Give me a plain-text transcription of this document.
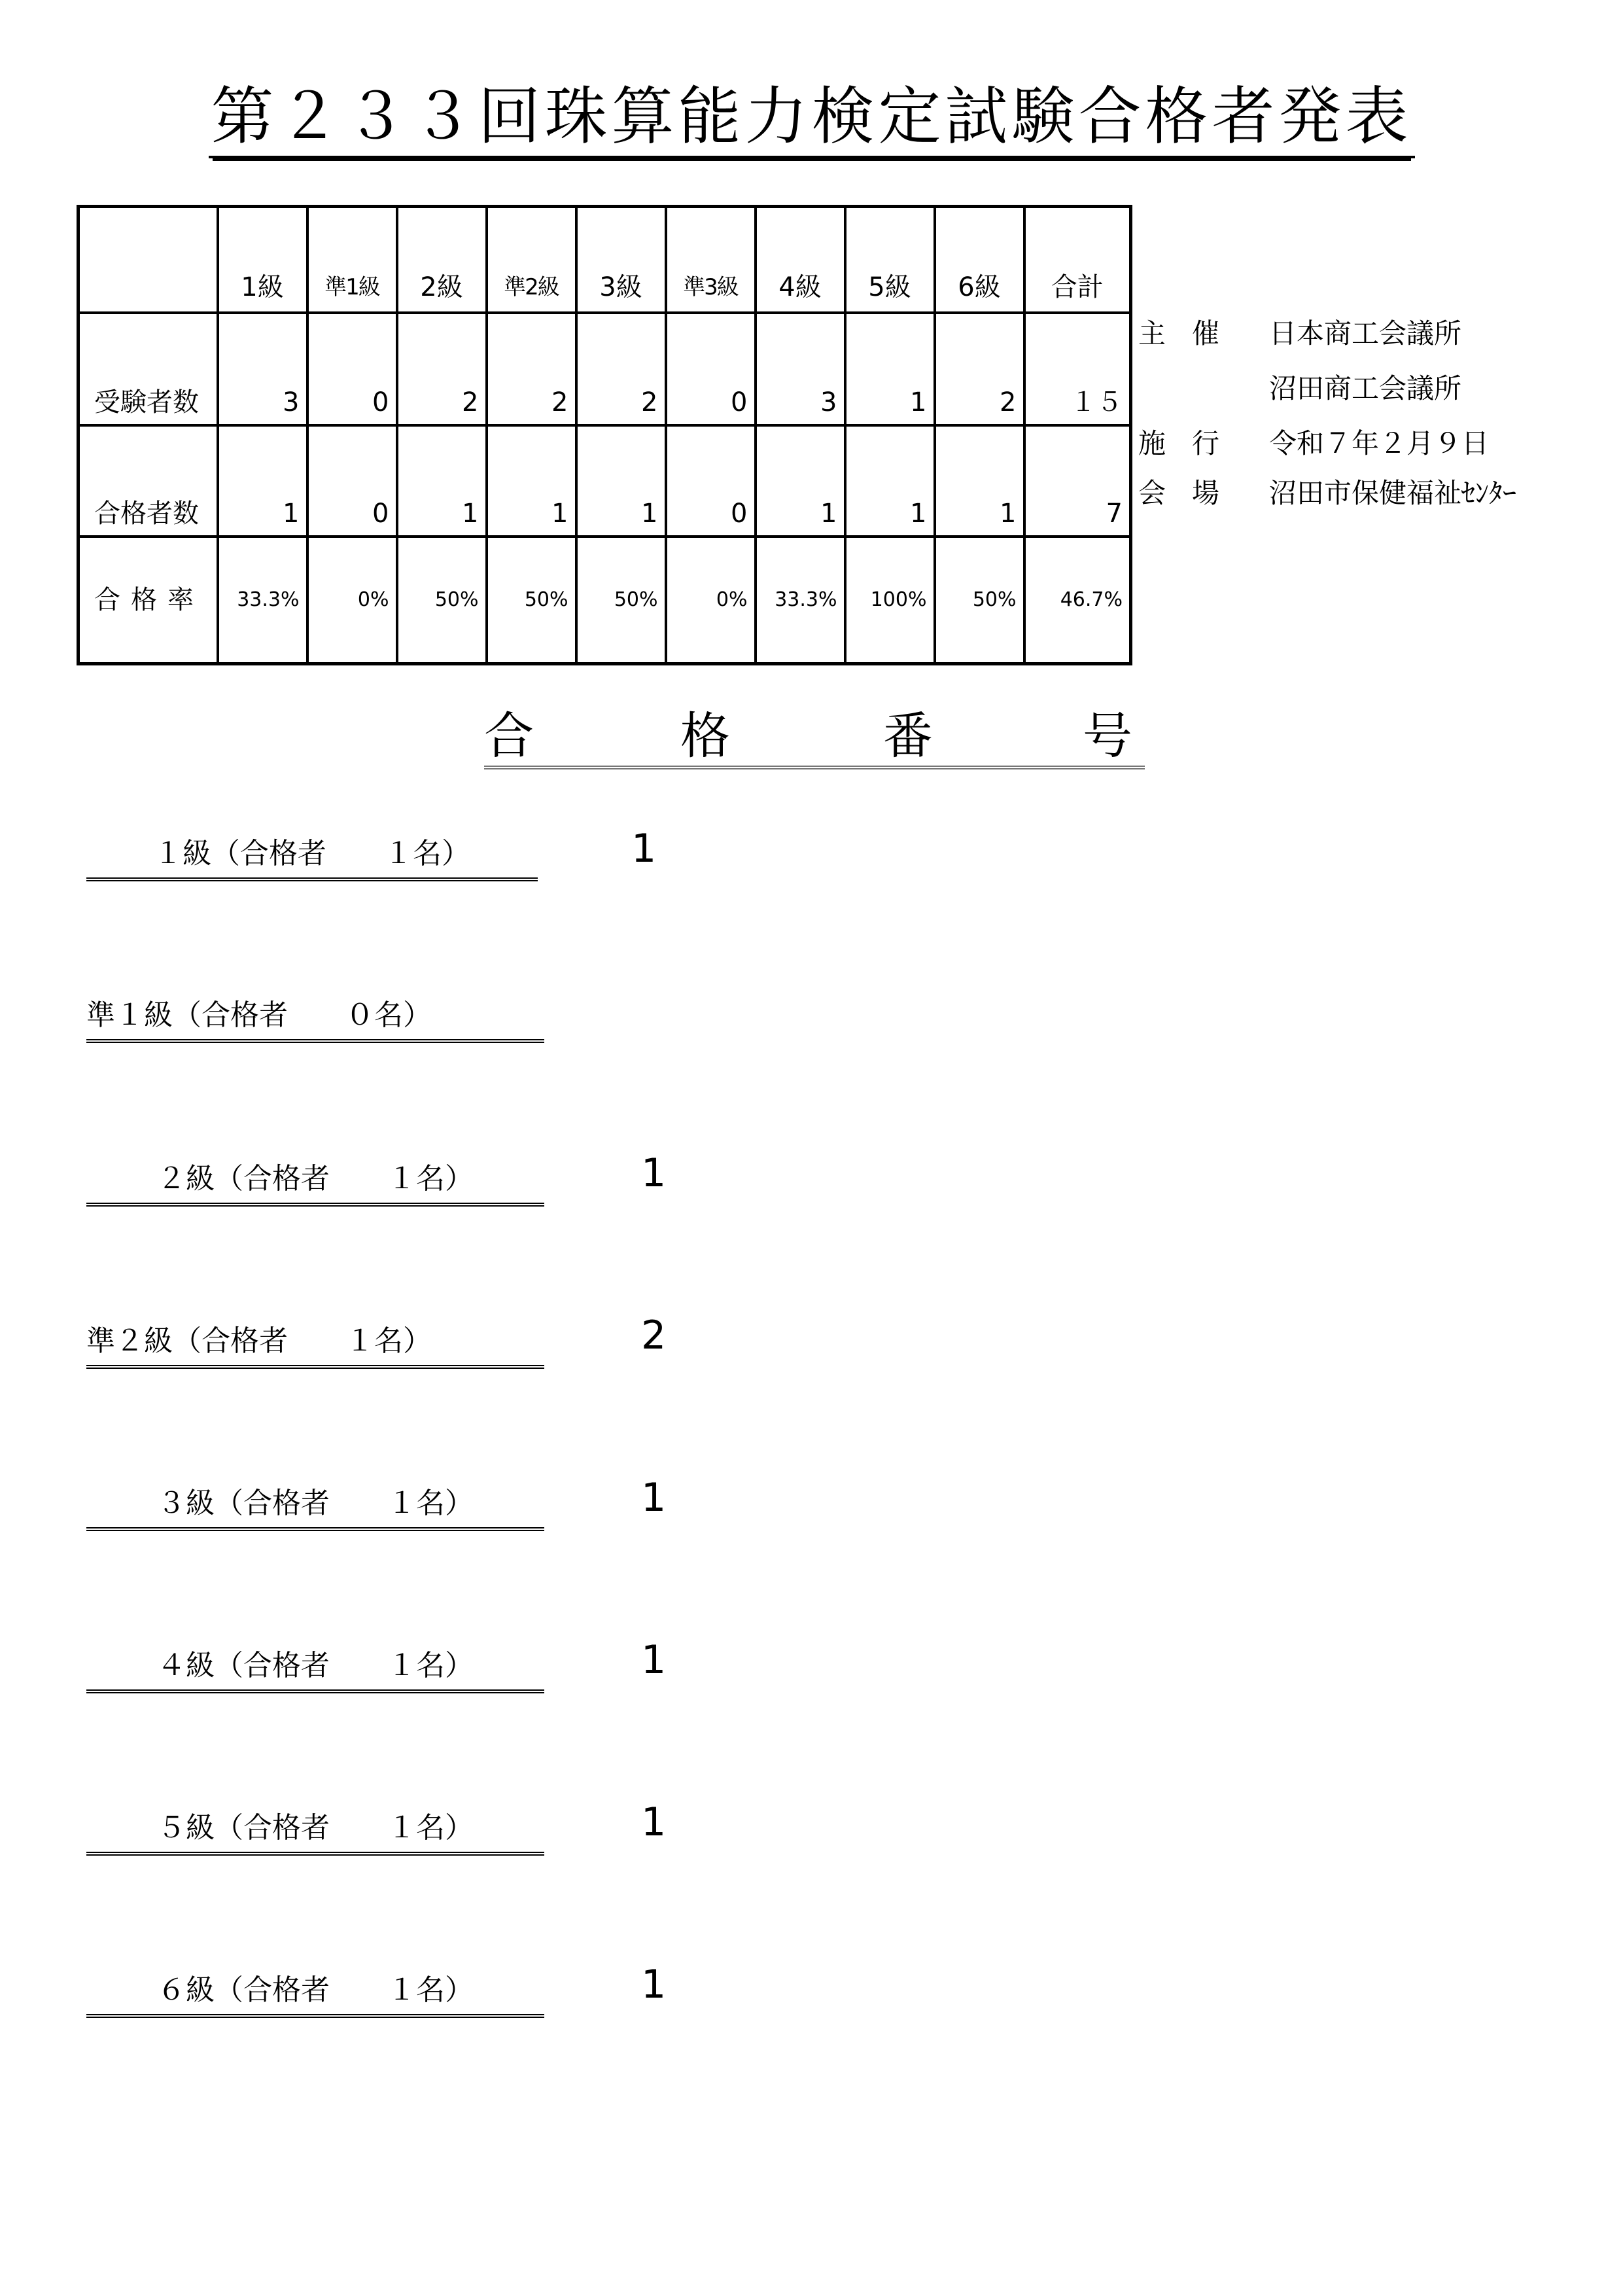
第２３３回珠算能力検定試験合格者発表
	1級	準1級	2級	準2級	3級	準3級	4級	5級	6級	合計
受験者数	3	0	2	2	2	0	3	1	2	１５
合格者数	1	0	1	1	1	0	1	1	1	7
合格率	33.3%	0%	50%	50%	50%	0%	33.3%	100%	50%	46.7%
主催 日本商工会議所
沼田商工会議所
施行 令和７年２月９日
会場 沼田市保健福祉ｾﾝﾀｰ
合	格	番	号
１級（合格者　　１名）	1
準１級（合格者　　０名）
２級（合格者　　１名）	1
準２級（合格者　　１名）	2
３級（合格者　　１名）	1
４級（合格者　　１名）	1
５級（合格者　　１名）	1
６級（合格者　　１名）	1
